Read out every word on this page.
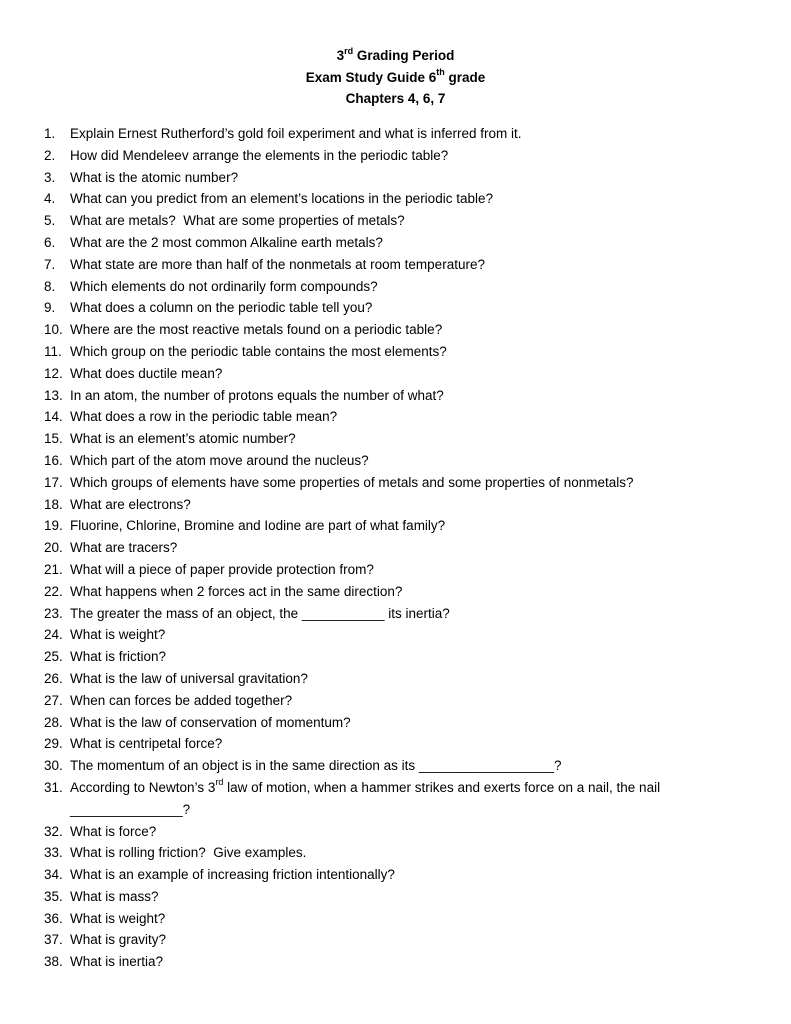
3rd Grading Period
Exam Study Guide 6th grade
Chapters 4, 6, 7
1.	Explain Ernest Rutherford’s gold foil experiment and what is inferred from it.
2.	How did Mendeleev arrange the elements in the periodic table?
3.	What is the atomic number?
4.	What can you predict from an element’s locations in the periodic table?
5.	What are metals?  What are some properties of metals?
6.	What are the 2 most common Alkaline earth metals?
7.	What state are more than half of the nonmetals at room temperature?
8.	Which elements do not ordinarily form compounds?
9.	What does a column on the periodic table tell you?
10. Where are the most reactive metals found on a periodic table?
11. Which group on the periodic table contains the most elements?
12. What does ductile mean?
13. In an atom, the number of protons equals the number of what?
14. What does a row in the periodic table mean?
15. What is an element’s atomic number?
16. Which part of the atom move around the nucleus?
17. Which groups of elements have some properties of metals and some properties of nonmetals?
18. What are electrons?
19. Fluorine, Chlorine, Bromine and Iodine are part of what family?
20. What are tracers?
21. What will a piece of paper provide protection from?
22. What happens when 2 forces act in the same direction?
23. The greater the mass of an object, the ___________ its inertia?
24. What is weight?
25. What is friction?
26. What is the law of universal gravitation?
27. When can forces be added together?
28. What is the law of conservation of momentum?
29. What is centripetal force?
30. The momentum of an object is in the same direction as its __________________?
31. According to Newton’s 3rd law of motion, when a hammer strikes and exerts force on a nail, the nail _______________?
32. What is force?
33. What is rolling friction?  Give examples.
34. What is an example of increasing friction intentionally?
35. What is mass?
36. What is weight?
37. What is gravity?
38. What is inertia?
